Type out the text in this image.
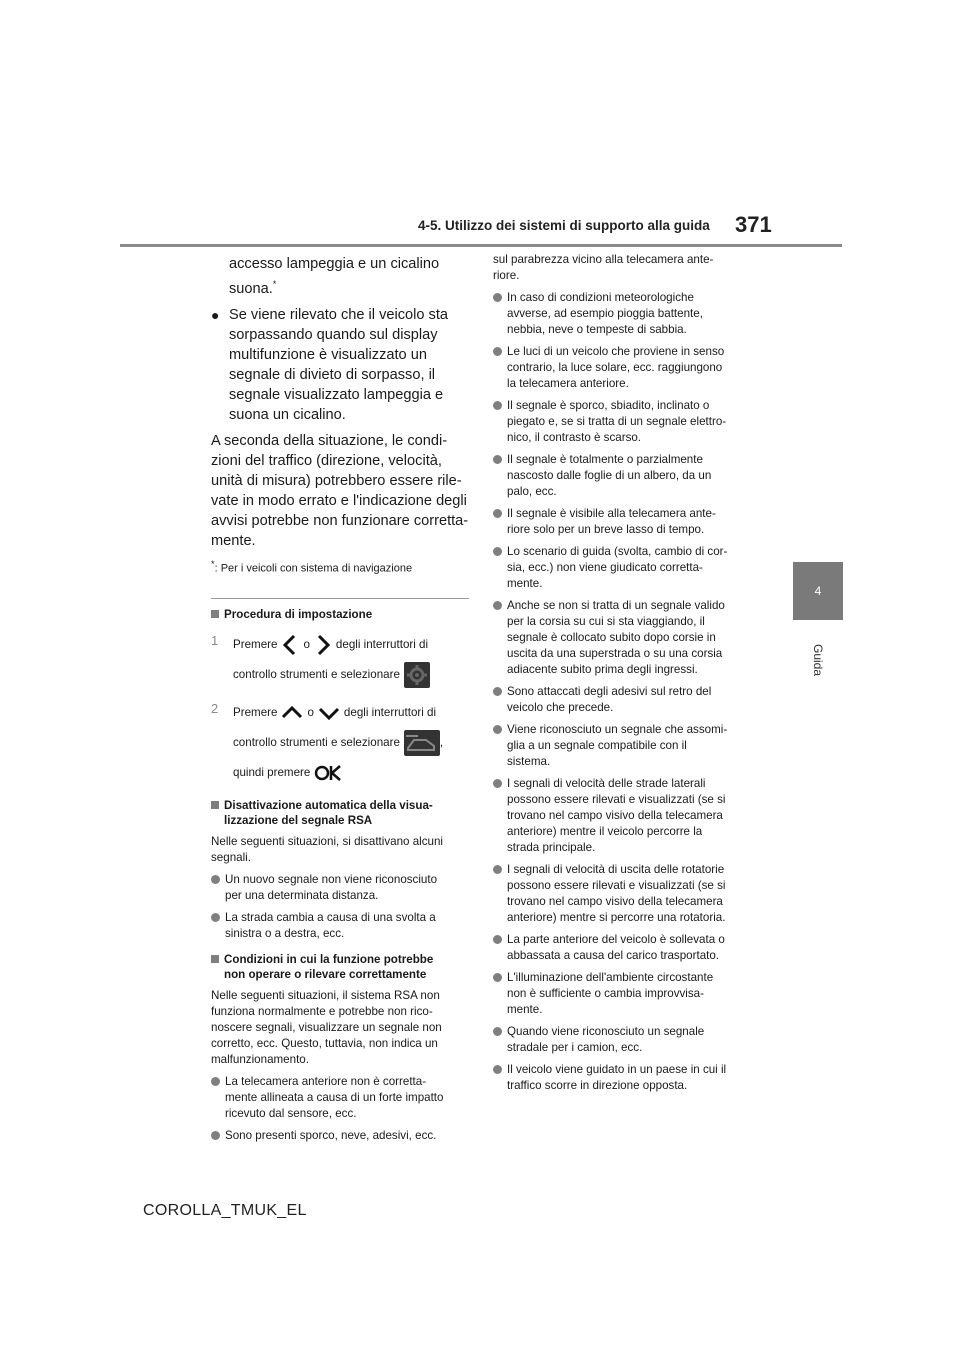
4-5. Utilizzo dei sistemi di supporto alla guida 371
4
Guida

accesso lampeggia e un cicalino
suona.*

● Se viene rilevato che il veicolo sta
sorpassando quando sul display
multifunzione è visualizzato un
segnale di divieto di sorpasso, il
segnale visualizzato lampeggia e
suona un cicalino.

A seconda della situazione, le condi-
zioni del traffico (direzione, velocità,
unità di misura) potrebbero essere rile-
vate in modo errato e l'indicazione degli
avvisi potrebbe non funzionare corretta-
mente.

*: Per i veicoli con sistema di navigazione
Procedura di impostazione
1 Premere o degli interruttori di
controllo strumenti e selezionare
2 Premere	o	degli interruttori di
controllo strumenti e selezionare	,
quindi premere
Disattivazione automatica della visua-
lizzazione del segnale RSA

Nelle seguenti situazioni, si disattivano alcuni
segnali.

Un nuovo segnale non viene riconosciuto
per una determinata distanza.

La strada cambia a causa di una svolta a
sinistra o a destra, ecc.

Condizioni in cui la funzione potrebbe
non operare o rilevare correttamente

Nelle seguenti situazioni, il sistema RSA non
funziona normalmente e potrebbe non rico-
noscere segnali, visualizzare un segnale non
corretto, ecc. Questo, tuttavia, non indica un
malfunzionamento.

La telecamera anteriore non è corretta-
mente allineata a causa di un forte impatto
ricevuto dal sensore, ecc.

Sono presenti sporco, neve, adesivi, ecc.

sul parabrezza vicino alla telecamera ante-
riore.

In caso di condizioni meteorologiche
avverse, ad esempio pioggia battente,
nebbia, neve o tempeste di sabbia.

Le luci di un veicolo che proviene in senso
contrario, la luce solare, ecc. raggiungono
la telecamera anteriore.

Il segnale è sporco, sbiadito, inclinato o
piegato e, se si tratta di un segnale elettro-
nico, il contrasto è scarso.

Il segnale è totalmente o parzialmente
nascosto dalle foglie di un albero, da un
palo, ecc.

Il segnale è visibile alla telecamera ante-
riore solo per un breve lasso di tempo.

Lo scenario di guida (svolta, cambio di cor-
sia, ecc.) non viene giudicato corretta-
mente.

Anche se non si tratta di un segnale valido
per la corsia su cui si sta viaggiando, il
segnale è collocato subito dopo corsie in
uscita da una superstrada o su una corsia
adiacente subito prima degli ingressi.

Sono attaccati degli adesivi sul retro del
veicolo che precede.

Viene riconosciuto un segnale che assomi-
glia a un segnale compatibile con il
sistema.

I segnali di velocità delle strade laterali
possono essere rilevati e visualizzati (se si
trovano nel campo visivo della telecamera
anteriore) mentre il veicolo percorre la
strada principale.

I segnali di velocità di uscita delle rotatorie
possono essere rilevati e visualizzati (se si
trovano nel campo visivo della telecamera
anteriore) mentre si percorre una rotatoria.

La parte anteriore del veicolo è sollevata o
abbassata a causa del carico trasportato.

L'illuminazione dell'ambiente circostante
non è sufficiente o cambia improvvisa-
mente.

Quando viene riconosciuto un segnale
stradale per i camion, ecc.

Il veicolo viene guidato in un paese in cui il
traffico scorre in direzione opposta.

COROLLA_TMUK_EL
